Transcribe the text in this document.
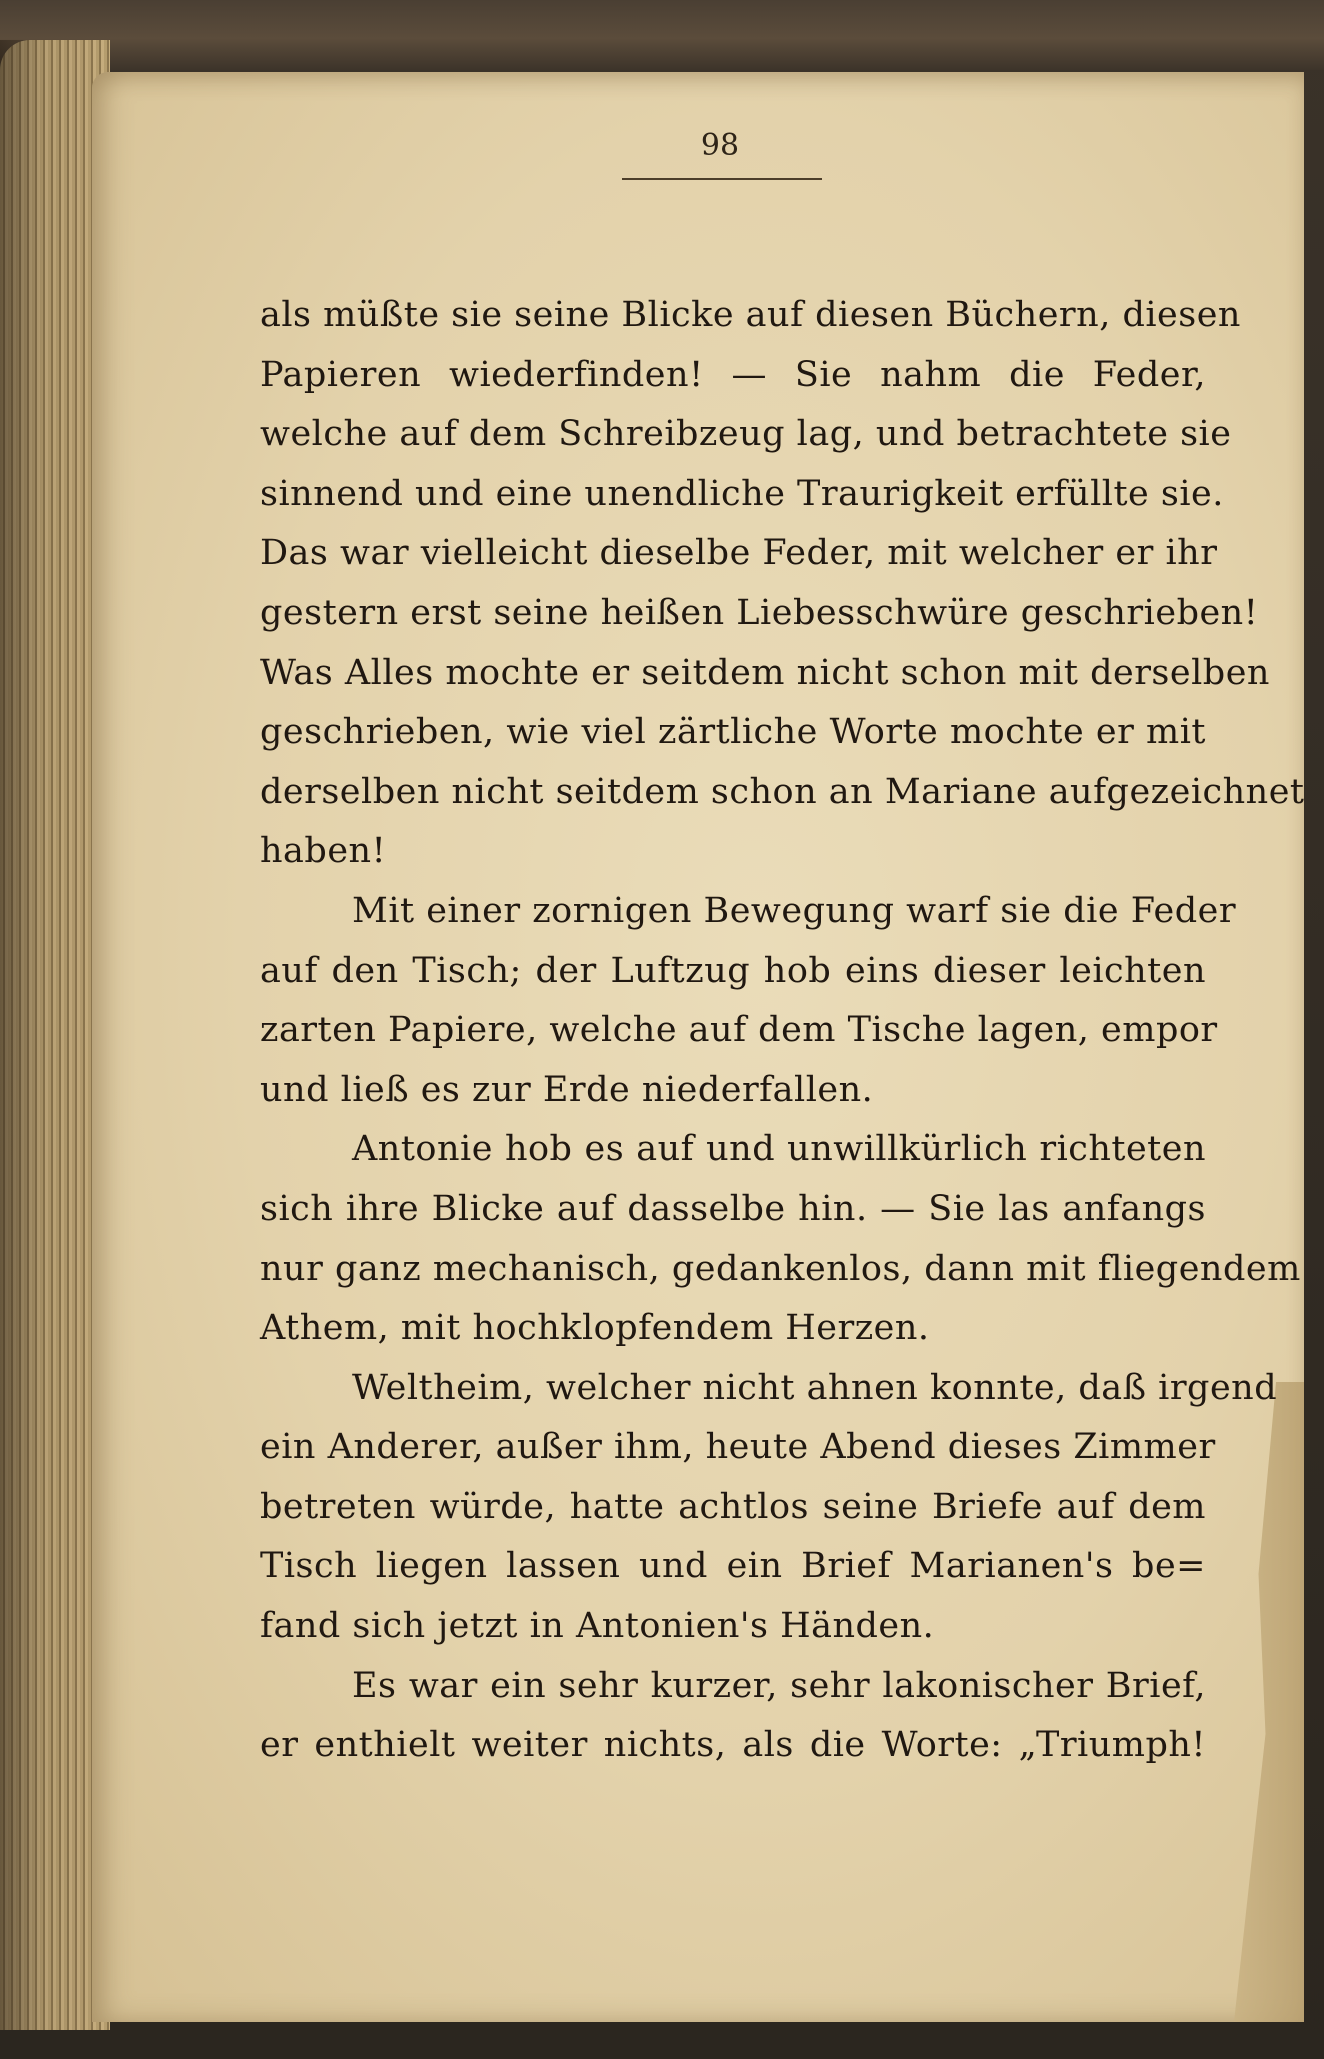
98
als müßte sie seine Blicke auf diesen Büchern, diesen
Papieren wiederfinden! — Sie nahm die Feder,
welche auf dem Schreibzeug lag, und betrachtete sie
sinnend und eine unendliche Traurigkeit erfüllte sie.
Das war vielleicht dieselbe Feder, mit welcher er ihr
gestern erst seine heißen Liebesschwüre geschrieben!
Was Alles mochte er seitdem nicht schon mit derselben
geschrieben, wie viel zärtliche Worte mochte er mit
derselben nicht seitdem schon an Mariane aufgezeichnet
haben!
Mit einer zornigen Bewegung warf sie die Feder
auf den Tisch; der Luftzug hob eins dieser leichten
zarten Papiere, welche auf dem Tische lagen, empor
und ließ es zur Erde niederfallen.
Antonie hob es auf und unwillkürlich richteten
sich ihre Blicke auf dasselbe hin. — Sie las anfangs
nur ganz mechanisch, gedankenlos, dann mit fliegendem
Athem, mit hochklopfendem Herzen.
Weltheim, welcher nicht ahnen konnte, daß irgend
ein Anderer, außer ihm, heute Abend dieses Zimmer
betreten würde, hatte achtlos seine Briefe auf dem
Tisch liegen lassen und ein Brief Marianen's be=
fand sich jetzt in Antonien's Händen.
Es war ein sehr kurzer, sehr lakonischer Brief,
er enthielt weiter nichts, als die Worte: „Triumph!
